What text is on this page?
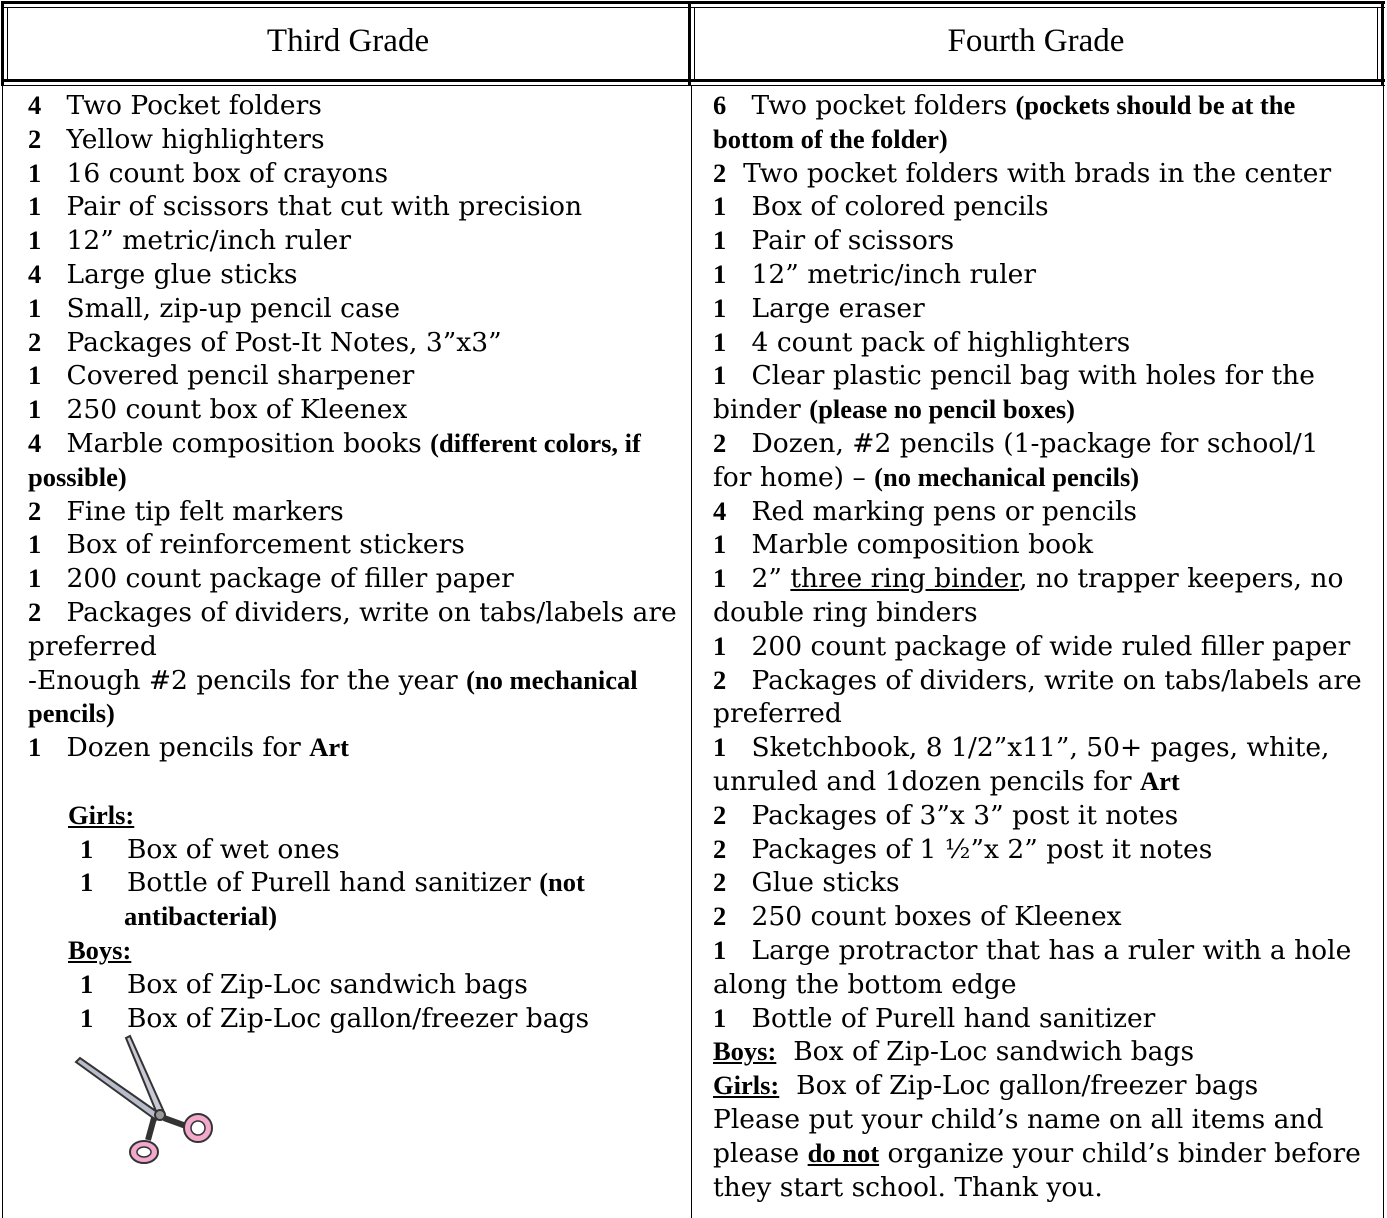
Third Grade	Fourth Grade
4 Two Pocket folders
2 Yellow highlighters
1 16 count box of crayons
1 Pair of scissors that cut with precision
1 12” metric/inch ruler
4 Large glue sticks
1 Small, zip-up pencil case
2 Packages of Post-It Notes, 3”x3”
1 Covered pencil sharpener
1 250 count box of Kleenex
4 Marble composition books (different colors, if
possible)
2 Fine tip felt markers
1 Box of reinforcement stickers
1 200 count package of filler paper
2 Packages of dividers, write on tabs/labels are
preferred
-Enough #2 pencils for the year (no mechanical
pencils)
1 Dozen pencils for Art

Girls:
1 Box of wet ones
1 Bottle of Purell hand sanitizer (not
antibacterial)
Boys:
1 Box of Zip-Loc sandwich bags
1 Box of Zip-Loc gallon/freezer bags
6 Two pocket folders (pockets should be at the
bottom of the folder)
2 Two pocket folders with brads in the center
1 Box of colored pencils
1 Pair of scissors
1 12” metric/inch ruler
1 Large eraser
1 4 count pack of highlighters
1 Clear plastic pencil bag with holes for the
binder (please no pencil boxes)
2 Dozen, #2 pencils (1-package for school/1
for home) – (no mechanical pencils)
4 Red marking pens or pencils
1 Marble composition book
1 2” three ring binder, no trapper keepers, no
double ring binders
1 200 count package of wide ruled filler paper
2 Packages of dividers, write on tabs/labels are
preferred
1 Sketchbook, 8 1/2”x11”, 50+ pages, white,
unruled and 1dozen pencils for Art
2 Packages of 3”x 3” post it notes
2 Packages of 1 ½”x 2” post it notes
2 Glue sticks
2 250 count boxes of Kleenex
1 Large protractor that has a ruler with a hole
along the bottom edge
1 Bottle of Purell hand sanitizer
Boys: Box of Zip-Loc sandwich bags
Girls: Box of Zip-Loc gallon/freezer bags
Please put your child’s name on all items and
please do not organize your child’s binder before
they start school. Thank you.
